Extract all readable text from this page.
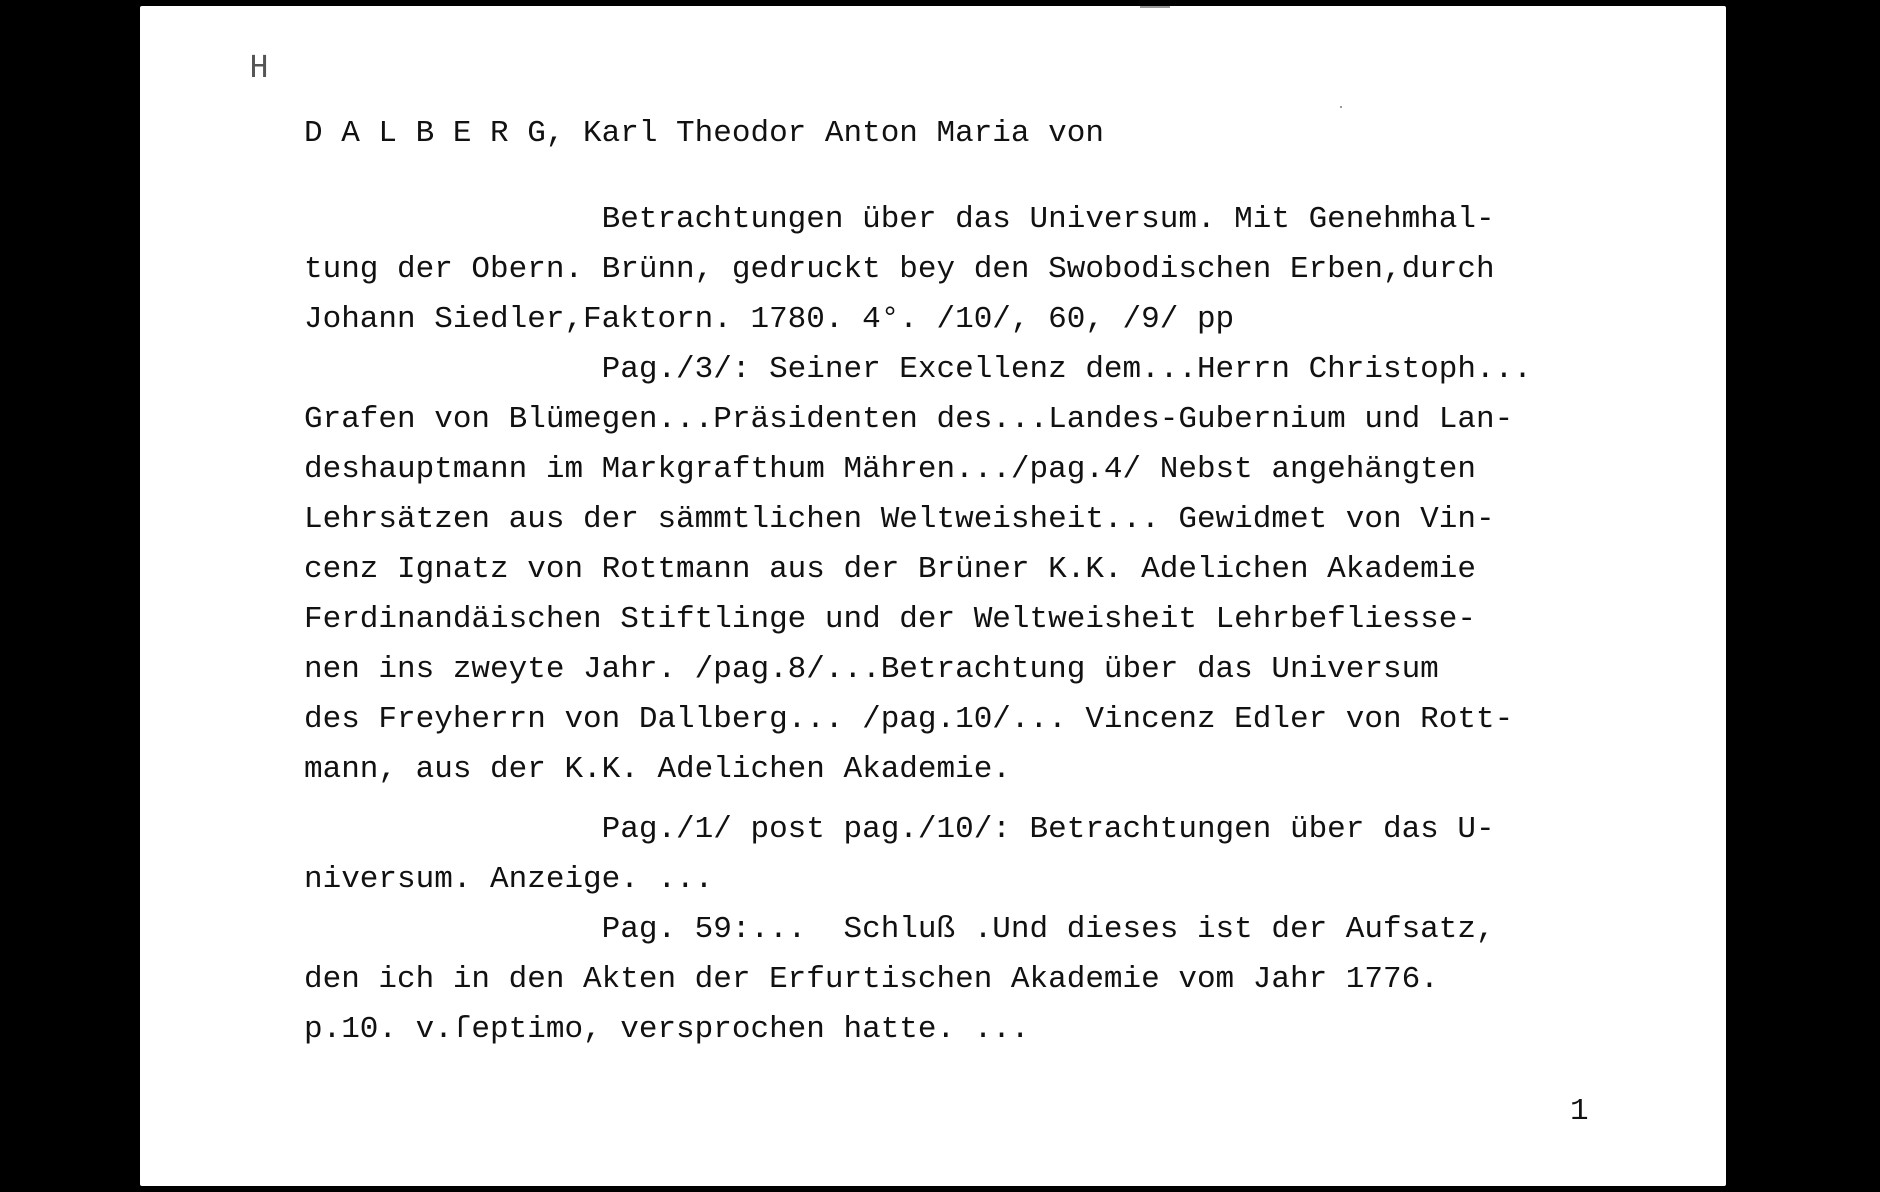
H
D A L B E R G, Karl Theodor Anton Maria von
Betrachtungen über das Universum. Mit Genehmhal-
tung der Obern. Brünn, gedruckt bey den Swobodischen Erben,durch
Johann Siedler,Faktorn. 1780. 4°. /10/, 60, /9/ pp
Pag./3/: Seiner Excellenz dem...Herrn Christoph...
Grafen von Blümegen...Präsidenten des...Landes-Gubernium und Lan-
deshauptmann im Markgrafthum Mähren.../pag.4/ Nebst angehängten
Lehrsätzen aus der sämmtlichen Weltweisheit... Gewidmet von Vin-
cenz Ignatz von Rottmann aus der Brüner K.K. Adelichen Akademie
Ferdinandäischen Stiftlinge und der Weltweisheit Lehrbefliesse-
nen ins zweyte Jahr. /pag.8/...Betrachtung über das Universum
des Freyherrn von Dallberg... /pag.10/... Vincenz Edler von Rott-
mann, aus der K.K. Adelichen Akademie.
Pag./1/ post pag./10/: Betrachtungen über das U-
niversum. Anzeige. ...
Pag. 59:...  Schluß .Und dieses ist der Aufsatz,
den ich in den Akten der Erfurtischen Akademie vom Jahr 1776.
p.10. v.ſeptimo, versprochen hatte. ...
1
